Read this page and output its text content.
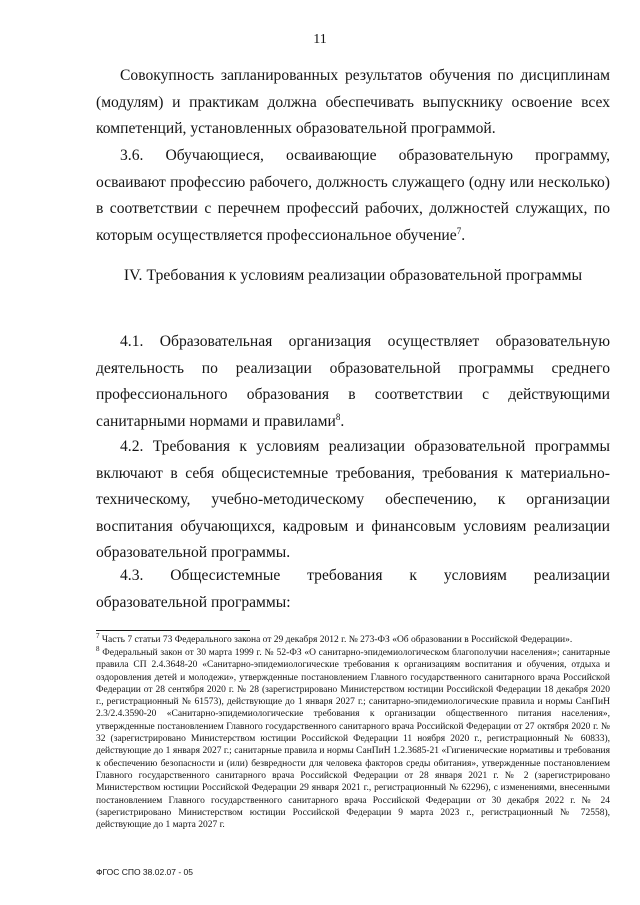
11

Совокупность запланированных результатов обучения по дисциплинам (модулям) и практикам должна обеспечивать выпускнику освоение всех компетенций, установленных образовательной программой.

3.6. Обучающиеся, осваивающие образовательную программу, осваивают профессию рабочего, должность служащего (одну или несколько) в соответствии с перечнем профессий рабочих, должностей служащих, по которым осуществляется профессиональное обучение$^7$.

IV. Требования к условиям реализации образовательной программы

4.1. Образовательная организация осуществляет образовательную деятельность по реализации образовательной программы среднего профессионального образования в соответствии с действующими санитарными нормами и правилами$^8$.

4.2. Требования к условиям реализации образовательной программы включают в себя общесистемные требования, требования к материально-техническому, учебно-методическому обеспечению, к организации воспитания обучающихся, кадровым и финансовым условиям реализации образовательной программы.

4.3. Общесистемные требования к условиям реализации образовательной программы:

$^7$ Часть 7 статьи 73 Федерального закона от 29 декабря 2012 г. № 273-ФЗ «Об образовании в Российской Федерации».

$^8$ Федеральный закон от 30 марта 1999 г. № 52-ФЗ «О санитарно-эпидемиологическом благополучии населения»; санитарные правила СП 2.4.3648-20 «Санитарно-эпидемиологические требования к организациям воспитания и обучения, отдыха и оздоровления детей и молодежи», утвержденные постановлением Главного государственного санитарного врача Российской Федерации от 28 сентября 2020 г. № 28 (зарегистрировано Министерством юстиции Российской Федерации 18 декабря 2020 г., регистрационный № 61573), действующие до 1 января 2027 г.; санитарно-эпидемиологические правила и нормы СанПиН 2.3/2.4.3590-20 «Санитарно-эпидемиологические требования к организации общественного питания населения», утвержденные постановлением Главного государственного санитарного врача Российской Федерации от 27 октября 2020 г. № 32 (зарегистрировано Министерством юстиции Российской Федерации 11 ноября 2020 г., регистрационный № 60833), действующие до 1 января 2027 г.; санитарные правила и нормы СанПиН 1.2.3685-21 «Гигиенические нормативы и требования к обеспечению безопасности и (или) безвредности для человека факторов среды обитания», утвержденные постановлением Главного государственного санитарного врача Российской Федерации от 28 января 2021 г. № 2 (зарегистрировано Министерством юстиции Российской Федерации 29 января 2021 г., регистрационный № 62296), с изменениями, внесенными постановлением Главного государственного санитарного врача Российской Федерации от 30 декабря 2022 г. № 24 (зарегистрировано Министерством юстиции Российской Федерации 9 марта 2023 г., регистрационный № 72558), действующие до 1 марта 2027 г.

ФГОС СПО 38.02.07 - 05
